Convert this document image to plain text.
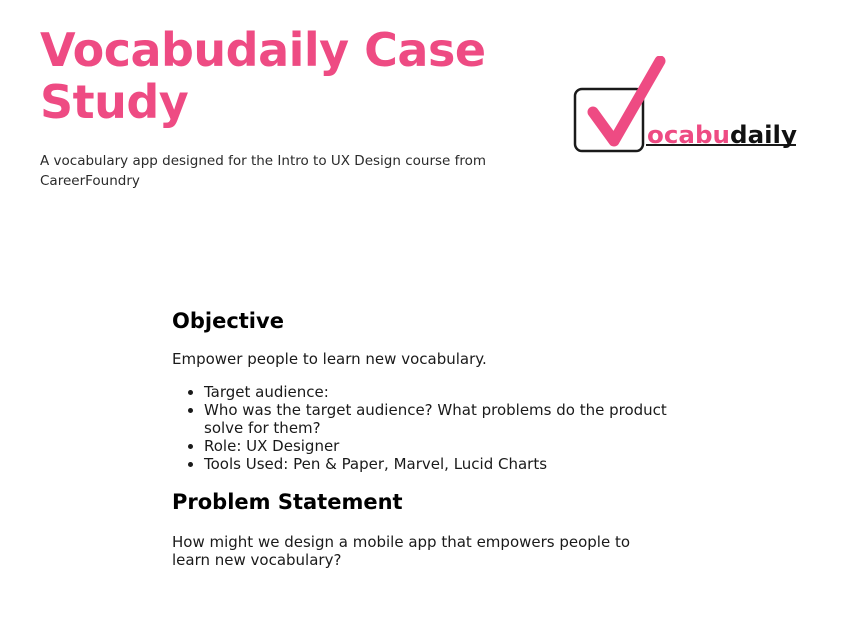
Vocabudaily Case Study

A vocabulary app designed for the Intro to UX Design course from CareerFoundry

ocabudaily
Objective

Empower people to learn new vocabulary.

• Target audience:
• Who was the target audience? What problems do the product solve for them?
• Role: UX Designer
• Tools Used: Pen & Paper, Marvel, Lucid Charts
Problem Statement

How might we design a mobile app that empowers people to learn new vocabulary?
